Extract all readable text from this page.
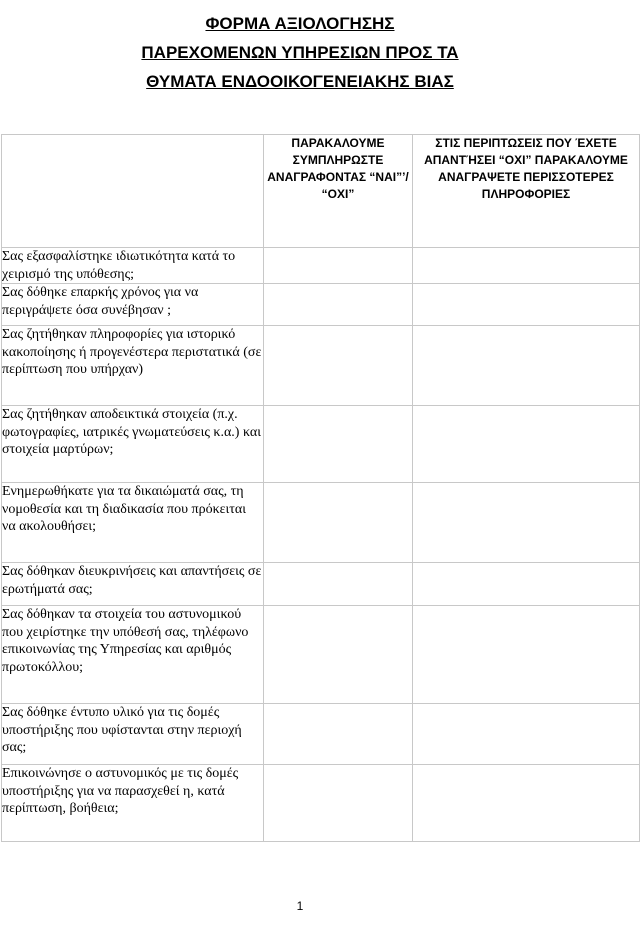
ΦΟΡΜΑ ΑΞΙΟΛΟΓΗΣΗΣ
ΠΑΡΕΧΟΜΕΝΩΝ ΥΠΗΡΕΣΙΩΝ ΠΡΟΣ ΤΑ
ΘΥΜΑΤΑ ΕΝΔΟΟΙΚΟΓΕΝΕΙΑΚΗΣ ΒΙΑΣ
	ΠΑΡΑΚΑΛΟΥΜΕ ΣΥΜΠΛΗΡΩΣΤΕ ΑΝΑΓΡΑΦΟΝΤΑΣ “ΝΑΙ”’/ “ΟΧΙ”	ΣΤΙΣ ΠΕΡΙΠΤΩΣΕΙΣ ΠΟΥ ΈΧΕΤΕ ΑΠΑΝΤΉΣΕΙ “ΟΧΙ” ΠΑΡΑΚΑΛΟΥΜΕ ΑΝΑΓΡΑΨΕΤΕ ΠΕΡΙΣΣΟΤΕΡΕΣ ΠΛΗΡΟΦΟΡΙΕΣ
Σας εξασφαλίστηκε ιδιωτικότητα κατά το χειρισμό της υπόθεσης;		
Σας δόθηκε επαρκής χρόνος για να περιγράψετε όσα συνέβησαν ;		
Σας ζητήθηκαν πληροφορίες για ιστορικό κακοποίησης ή προγενέστερα περιστατικά (σε περίπτωση που υπήρχαν)		
Σας ζητήθηκαν αποδεικτικά στοιχεία (π.χ. φωτογραφίες, ιατρικές γνωματεύσεις κ.α.) και στοιχεία μαρτύρων;		
Ενημερωθήκατε για τα δικαιώματά σας, τη νομοθεσία και τη διαδικασία που πρόκειται να ακολουθήσει;		
Σας δόθηκαν διευκρινήσεις και απαντήσεις σε ερωτήματά σας;		
Σας δόθηκαν τα στοιχεία του αστυνομικού που χειρίστηκε την υπόθεσή σας, τηλέφωνο επικοινωνίας της Υπηρεσίας και αριθμός πρωτοκόλλου;		
Σας δόθηκε έντυπο υλικό για τις δομές υποστήριξης που υφίστανται στην περιοχή σας;		
Επικοινώνησε ο αστυνομικός με τις δομές υποστήριξης για να παρασχεθεί η, κατά περίπτωση, βοήθεια;		
1
